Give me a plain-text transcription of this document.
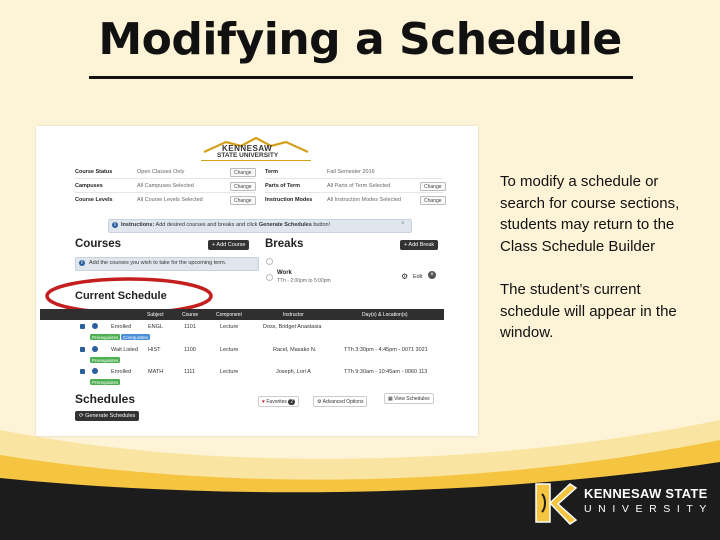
Modifying a Schedule
KENNESAW
STATE UNIVERSITY
Course Status	Open Classes Only	Change
Campuses	All Campuses Selected	Change
Course Levels	All Course Levels Selected	Change
Term	Fall Semester 2016
Parts of Term	All Parts of Term Selected	Change
Instruction Modes	All Instruction Modes Selected	Change
i Instructions: Add desired courses and breaks and click Generate Schedules button!	×
Courses	+ Add Course	Breaks	+ Add Break
i	Add the courses you wish to take for the upcoming term.
Work
TTh - 2:00pm to 5:00pm	⚙ Edit	×
Current Schedule
Subject	Course	Component	Instructor	Day(s) & Location(s)
Enrolled	ENGL	1101	Lecture	Doss, Bridget Anastasia
Prerequisites	Corequisites
Wait Listed HIST	1100	Lecture	Racel, Masako N.	TTh 3:30pm - 4:45pm - 0071 3021
Prerequisites
Enrolled	MATH	1111	Lecture	Joseph, Lori A	TTh 9:30am - 10:45am - 0060 113
Prerequisites
Schedules	♥ Favorites 2	⚙ Advanced Options	▦ View Schedules
⟳ Generate Schedules
To modify a schedule or search for course sections, students may return to the Class Schedule Builder
The student’s current schedule will appear in the window.
KENNESAW STATE
UNIVERSITY
